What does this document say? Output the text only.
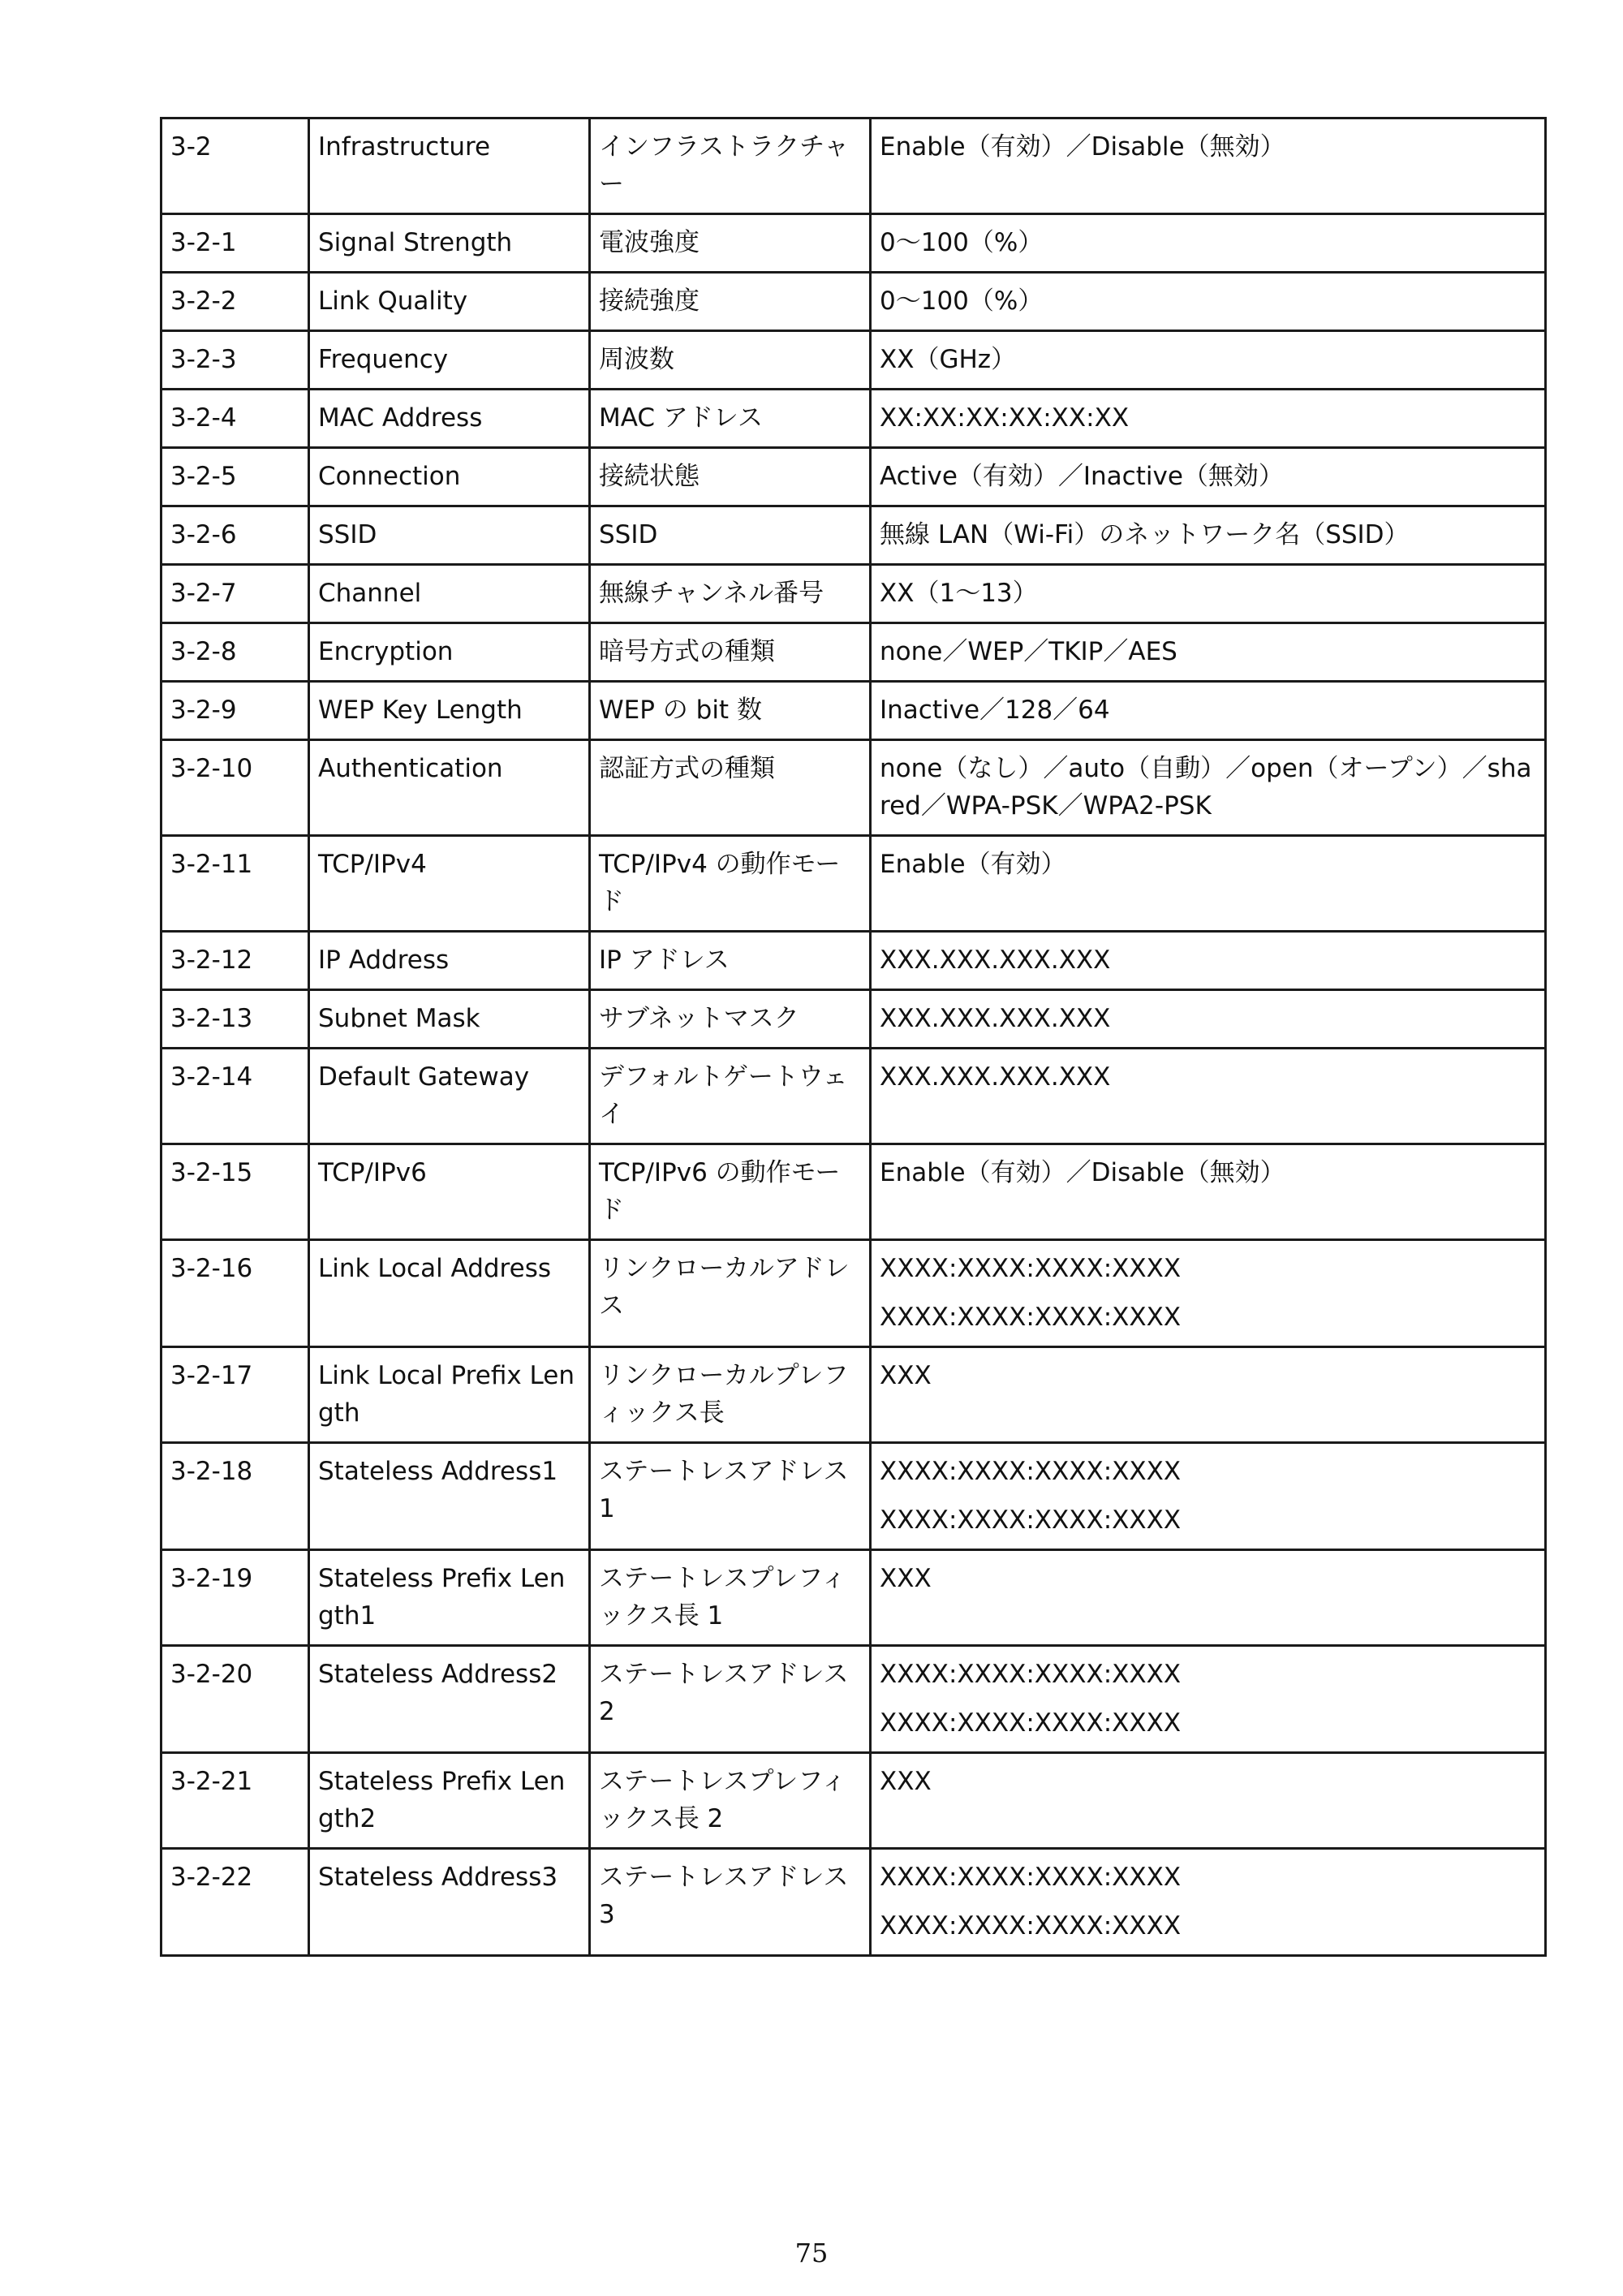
3-2	Infrastructure	インフラストラクチャー	Enable（有効）／Disable（無効）

3-2-1	Signal Strength	電波強度	0〜100（%）

3-2-2	Link Quality	接続強度	0〜100（%）

3-2-3	Frequency	周波数	XX（GHz）

3-2-4	MAC Address	MAC アドレス	XX:XX:XX:XX:XX:XX

3-2-5	Connection	接続状態	Active（有効）／Inactive（無効）

3-2-6	SSID	SSID	無線 LAN（Wi-Fi）のネットワーク名（SSID）

3-2-7	Channel	無線チャンネル番号	XX（1〜13）

3-2-8	Encryption	暗号方式の種類	none／WEP／TKIP／AES

3-2-9	WEP Key Length	WEP の bit 数	Inactive／128／64

3-2-10	Authentication	認証方式の種類	none（なし）／auto（自動）／open（オープン）／shared／WPA-PSK／WPA2-PSK

3-2-11	TCP/IPv4	TCP/IPv4 の動作モード	Enable（有効）

3-2-12	IP Address	IP アドレス	XXX.XXX.XXX.XXX

3-2-13	Subnet Mask	サブネットマスク	XXX.XXX.XXX.XXX

3-2-14	Default Gateway	デフォルトゲートウェイ	XXX.XXX.XXX.XXX

3-2-15	TCP/IPv6	TCP/IPv6 の動作モード	Enable（有効）／Disable（無効）

3-2-16	Link Local Address	リンクローカルアドレス	XXXX:XXXX:XXXX:XXXX

XXXX:XXXX:XXXX:XXXX

3-2-17	Link Local Prefix Length	リンクローカルプレフィックス長	XXX

3-2-18	Stateless Address1	ステートレスアドレス 1	XXXX:XXXX:XXXX:XXXX

XXXX:XXXX:XXXX:XXXX

3-2-19	Stateless Prefix Length1	ステートレスプレフィックス長 1	XXX

3-2-20	Stateless Address2	ステートレスアドレス 2	XXXX:XXXX:XXXX:XXXX

XXXX:XXXX:XXXX:XXXX

3-2-21	Stateless Prefix Length2	ステートレスプレフィックス長 2	XXX

3-2-22	Stateless Address3	ステートレスアドレス 3	XXXX:XXXX:XXXX:XXXX

XXXX:XXXX:XXXX:XXXX

75
